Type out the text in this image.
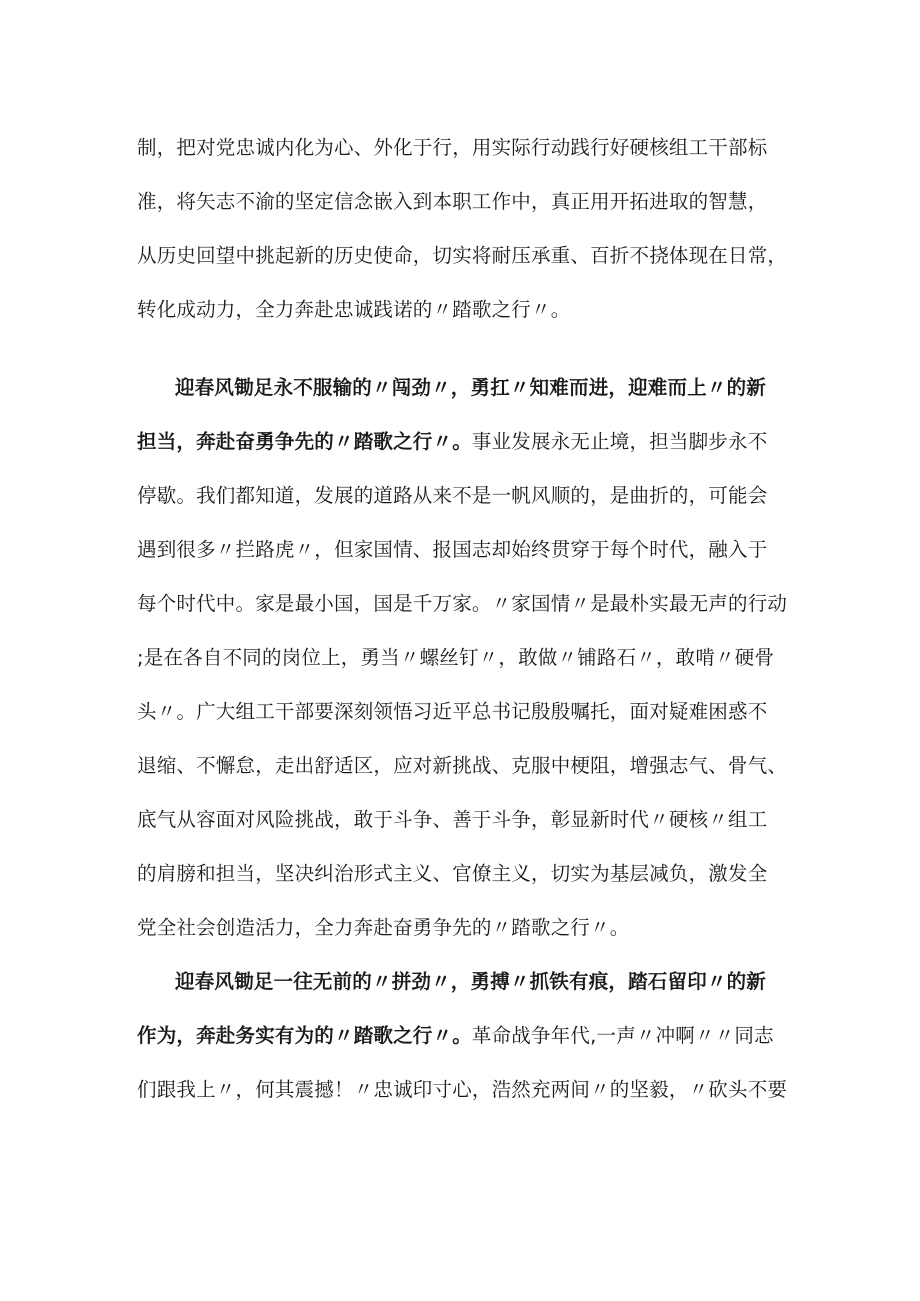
制，把对党忠诚内化为心、外化于行，用实际行动践行好硬核组工干部标
准，将矢志不渝的坚定信念嵌入到本职工作中，真正用开拓进取的智慧，
从历史回望中挑起新的历史使命，切实将耐压承重、百折不挠体现在日常，
转化成动力，全力奔赴忠诚践诺的〃踏歌之行〃。
迎春风锄足永不服输的〃闯劲〃，勇扛〃知难而进，迎难而上〃的新
担当，奔赴奋勇争先的〃踏歌之行〃。事业发展永无止境，担当脚步永不
停歇。我们都知道，发展的道路从来不是一帆风顺的，是曲折的，可能会
遇到很多〃拦路虎〃，但家国情、报国志却始终贯穿于每个时代，融入于
每个时代中。家是最小国，国是千万家。〃家国情〃是最朴实最无声的行动
;是在各自不同的岗位上，勇当〃螺丝钉〃，敢做〃铺路石〃，敢啃〃硬骨
头〃。广大组工干部要深刻领悟习近平总书记殷殷嘱托，面对疑难困惑不
退缩、不懈怠，走出舒适区，应对新挑战、克服中梗阻，增强志气、骨气、
底气从容面对风险挑战，敢于斗争、善于斗争，彰显新时代〃硬核〃组工
的肩膀和担当，坚决纠治形式主义、官僚主义，切实为基层减负，激发全
党全社会创造活力，全力奔赴奋勇争先的〃踏歌之行〃。
迎春风锄足一往无前的〃拼劲〃，勇搏〃抓铁有痕，踏石留印〃的新
作为，奔赴务实有为的〃踏歌之行〃。革命战争年代,一声〃冲啊〃〃同志
们跟我上〃，何其震撼！〃忠诚印寸心，浩然充两间〃的坚毅，〃砍头不要
